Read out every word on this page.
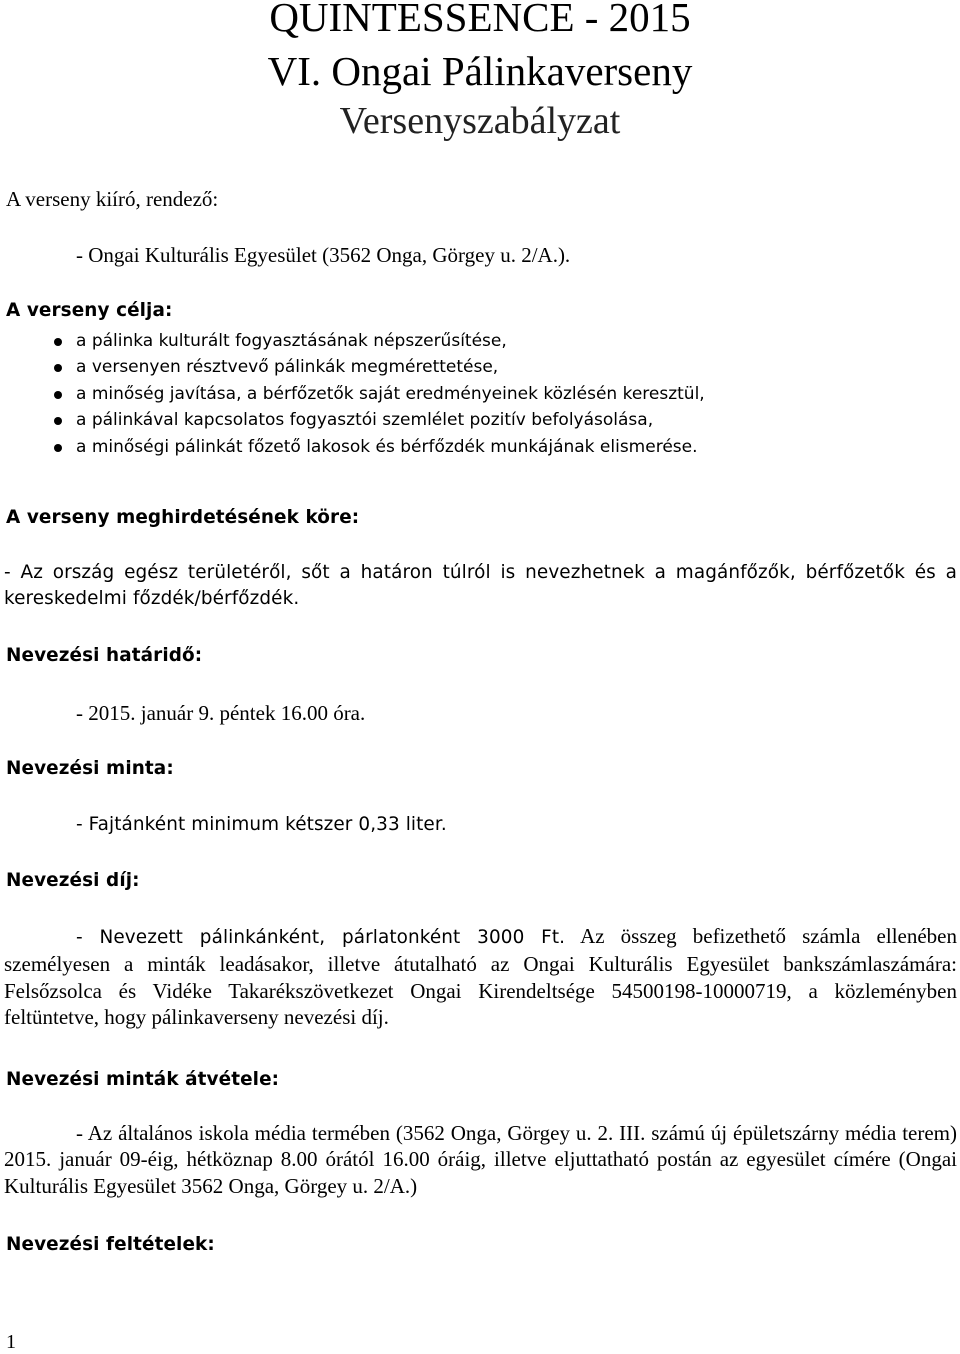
QUINTESSENCE - 2015
VI. Ongai Pálinkaverseny
Versenyszabályzat
A verseny kiíró, rendező:
- Ongai Kulturális Egyesület (3562 Onga, Görgey u. 2/A.).
A verseny célja:
a pálinka kulturált fogyasztásának népszerűsítése,
a versenyen résztvevő pálinkák megmérettetése,
a minőség javítása, a bérfőzetők saját eredményeinek közlésén keresztül,
a pálinkával kapcsolatos fogyasztói szemlélet pozitív befolyásolása,
a minőségi pálinkát főzető lakosok és bérfőzdék munkájának elismerése.
A verseny meghirdetésének köre:
- Az ország egész területéről, sőt a határon túlról is nevezhetnek a magánfőzők, bérfőzetők és a kereskedelmi főzdék/bérfőzdék.
Nevezési határidő:
- 2015. január 9. péntek 16.00 óra.
Nevezési minta:
- Fajtánként minimum kétszer 0,33 liter.
Nevezési díj:
- Nevezett pálinkánként, párlatonként 3000 Ft. Az összeg befizethető számla ellenében személyesen a minták leadásakor, illetve átutalható az Ongai Kulturális Egyesület bankszámlaszámára: Felsőzsolca és Vidéke Takarékszövetkezet Ongai Kirendeltsége 54500198-10000719, a közleményben feltüntetve, hogy pálinkaverseny nevezési díj.
Nevezési minták átvétele:
- Az általános iskola média termében (3562 Onga, Görgey u. 2. III. számú új épületszárny média terem) 2015. január 09-éig, hétköznap 8.00 órától 16.00 óráig, illetve eljuttatható postán az egyesület címére (Ongai Kulturális Egyesület 3562 Onga, Görgey u. 2/A.)
Nevezési feltételek:
1
